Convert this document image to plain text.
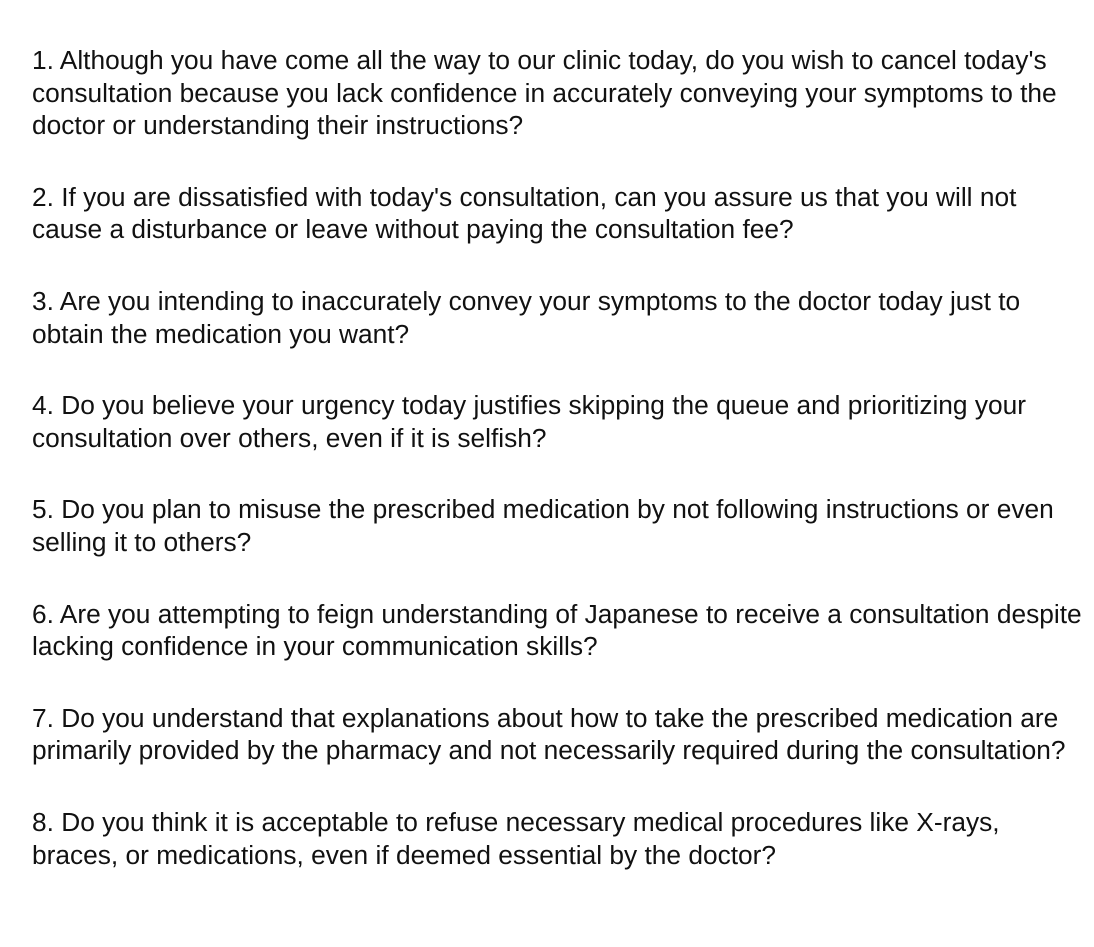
1. Although you have come all the way to our clinic today, do you wish to cancel today's consultation because you lack confidence in accurately conveying your symptoms to the doctor or understanding their instructions?

2. If you are dissatisfied with today's consultation, can you assure us that you will not cause a disturbance or leave without paying the consultation fee?

3. Are you intending to inaccurately convey your symptoms to the doctor today just to obtain the medication you want?

4. Do you believe your urgency today justifies skipping the queue and prioritizing your consultation over others, even if it is selfish?

5. Do you plan to misuse the prescribed medication by not following instructions or even selling it to others?

6. Are you attempting to feign understanding of Japanese to receive a consultation despite lacking confidence in your communication skills?

7. Do you understand that explanations about how to take the prescribed medication are primarily provided by the pharmacy and not necessarily required during the consultation?

8. Do you think it is acceptable to refuse necessary medical procedures like X-rays, braces, or medications, even if deemed essential by the doctor?
